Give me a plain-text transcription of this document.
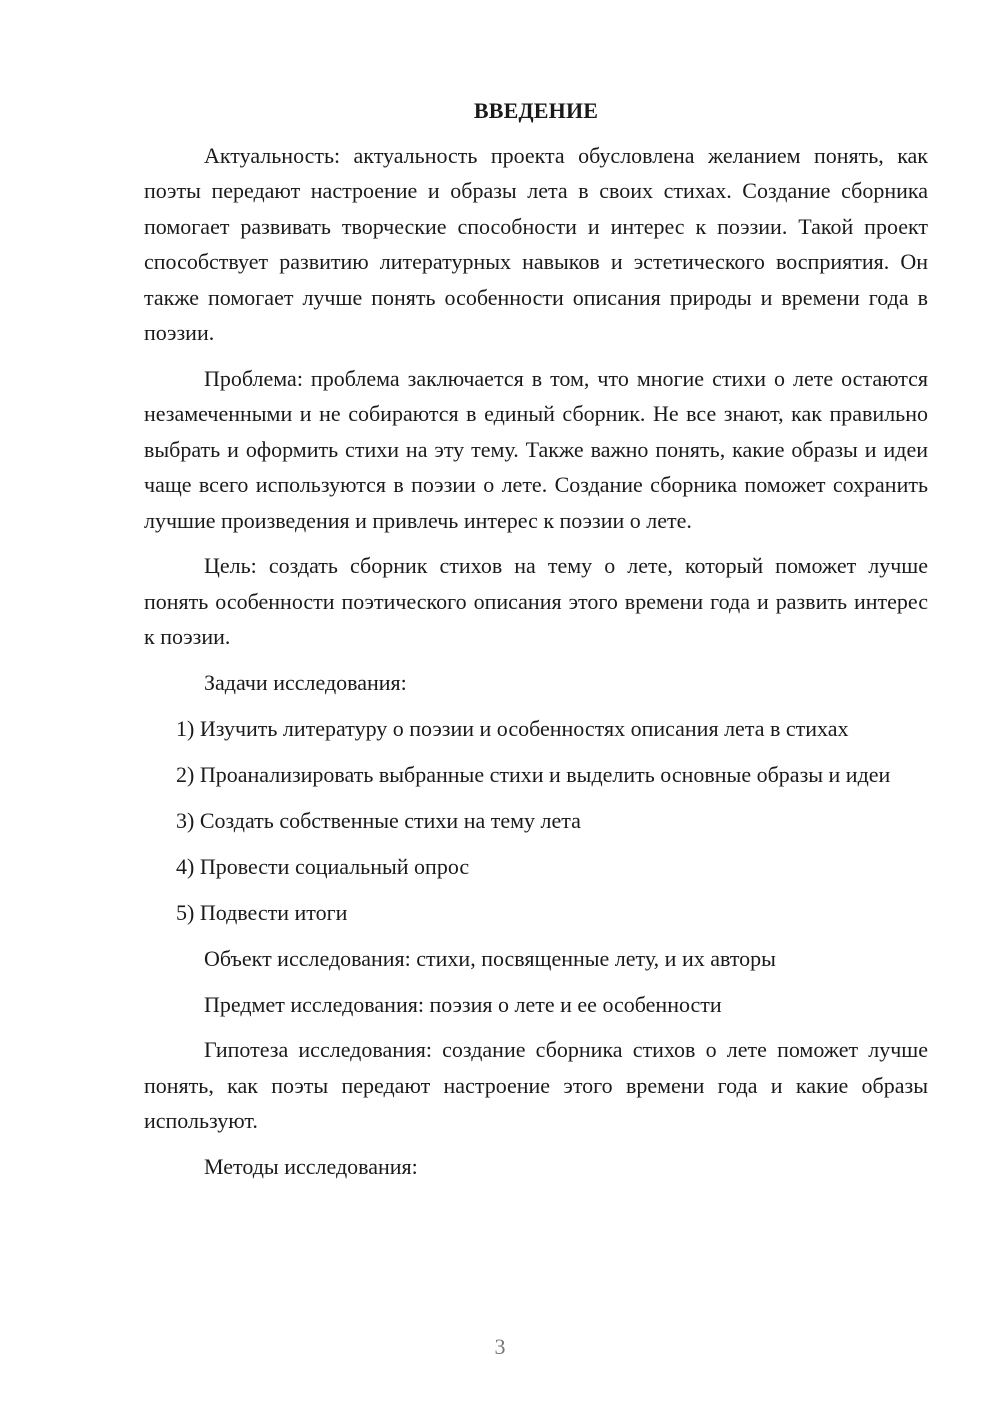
ВВЕДЕНИЕ

Актуальность: актуальность проекта обусловлена желанием понять, как поэты передают настроение и образы лета в своих стихах. Создание сборника помогает развивать творческие способности и интерес к поэзии. Такой проект способствует развитию литературных навыков и эстетического восприятия. Он также помогает лучше понять особенности описания природы и времени года в поэзии.

Проблема: проблема заключается в том, что многие стихи о лете остаются незамеченными и не собираются в единый сборник. Не все знают, как правильно выбрать и оформить стихи на эту тему. Также важно понять, какие образы и идеи чаще всего используются в поэзии о лете. Создание сборника поможет сохранить лучшие произведения и привлечь интерес к поэзии о лете.

Цель: создать сборник стихов на тему о лете, который поможет лучше понять особенности поэтического описания этого времени года и развить интерес к поэзии.

Задачи исследования:

1) Изучить литературу о поэзии и особенностях описания лета в стихах

2) Проанализировать выбранные стихи и выделить основные образы и идеи

3) Создать собственные стихи на тему лета

4) Провести социальный опрос

5) Подвести итоги

Объект исследования: стихи, посвященные лету, и их авторы

Предмет исследования: поэзия о лете и ее особенности

Гипотеза исследования: создание сборника стихов о лете поможет лучше понять, как поэты передают настроение этого времени года и какие образы используют.

Методы исследования:

3
